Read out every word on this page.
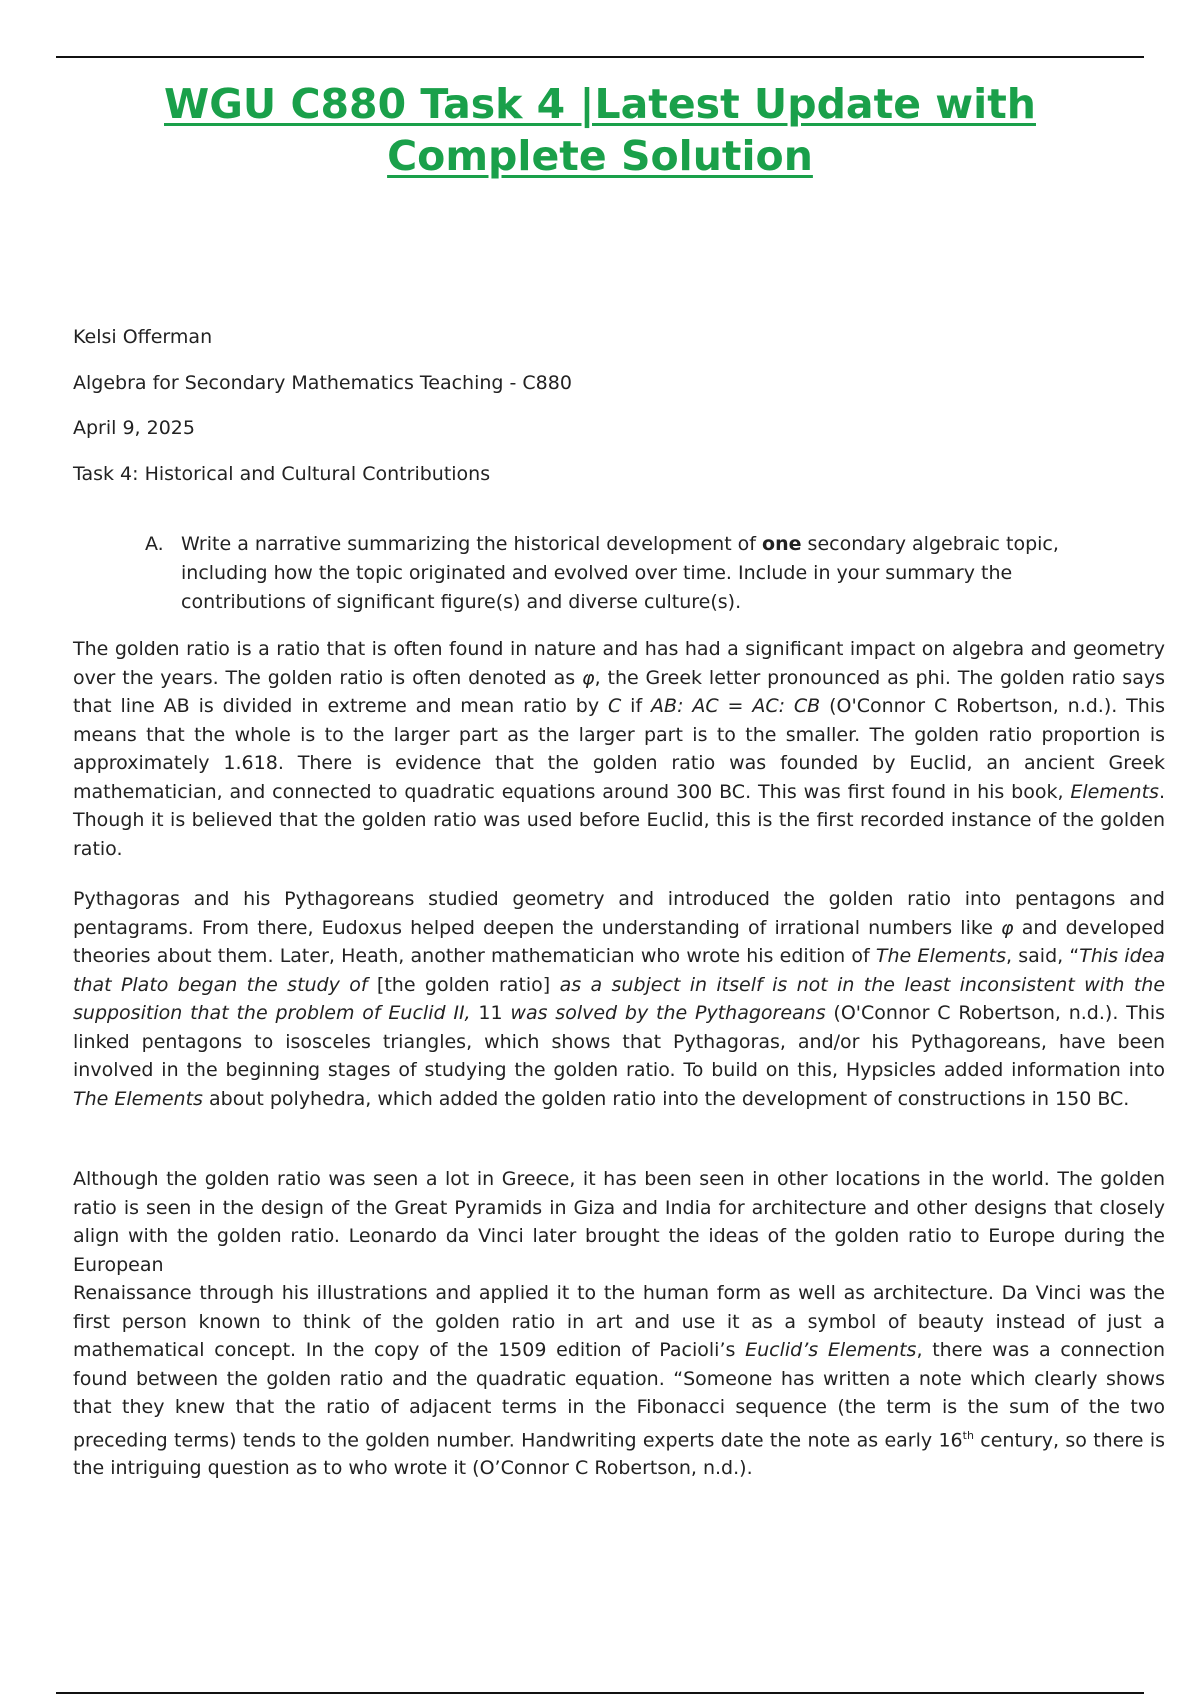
WGU C880 Task 4 |Latest Update with Complete Solution
Kelsi Offerman
Algebra for Secondary Mathematics Teaching - C880
April 9, 2025
Task 4: Historical and Cultural Contributions
A. Write a narrative summarizing the historical development of one secondary algebraic topic, including how the topic originated and evolved over time. Include in your summary the contributions of significant figure(s) and diverse culture(s).

The golden ratio is a ratio that is often found in nature and has had a significant impact on algebra and geometry over the years. The golden ratio is often denoted as φ, the Greek letter pronounced as phi. The golden ratio says that line AB is divided in extreme and mean ratio by C if AB: AC = AC: CB (O'Connor C Robertson, n.d.). This means that the whole is to the larger part as the larger part is to the smaller. The golden ratio proportion is approximately 1.618. There is evidence that the golden ratio was founded by Euclid, an ancient Greek mathematician, and connected to quadratic equations around 300 BC. This was first found in his book, Elements. Though it is believed that the golden ratio was used before Euclid, this is the first recorded instance of the golden ratio.

Pythagoras and his Pythagoreans studied geometry and introduced the golden ratio into pentagons and pentagrams. From there, Eudoxus helped deepen the understanding of irrational numbers like φ and developed theories about them. Later, Heath, another mathematician who wrote his edition of The Elements, said, “This idea that Plato began the study of [the golden ratio] as a subject in itself is not in the least inconsistent with the supposition that the problem of Euclid II, 11 was solved by the Pythagoreans (O'Connor C Robertson, n.d.). This linked pentagons to isosceles triangles, which shows that Pythagoras, and/or his Pythagoreans, have been involved in the beginning stages of studying the golden ratio. To build on this, Hypsicles added information into The Elements about polyhedra, which added the golden ratio into the development of constructions in 150 BC.

Although the golden ratio was seen a lot in Greece, it has been seen in other locations in the world. The golden ratio is seen in the design of the Great Pyramids in Giza and India for architecture and other designs that closely align with the golden ratio. Leonardo da Vinci later brought the ideas of the golden ratio to Europe during the European

Renaissance through his illustrations and applied it to the human form as well as architecture. Da Vinci was the first person known to think of the golden ratio in art and use it as a symbol of beauty instead of just a mathematical concept. In the copy of the 1509 edition of Pacioli’s Euclid’s Elements, there was a connection found between the golden ratio and the quadratic equation. “Someone has written a note which clearly shows that they knew that the ratio of adjacent terms in the Fibonacci sequence (the term is the sum of the two preceding terms) tends to the golden number. Handwriting experts date the note as early 16th century, so there is the intriguing question as to who wrote it (O’Connor C Robertson, n.d.).
